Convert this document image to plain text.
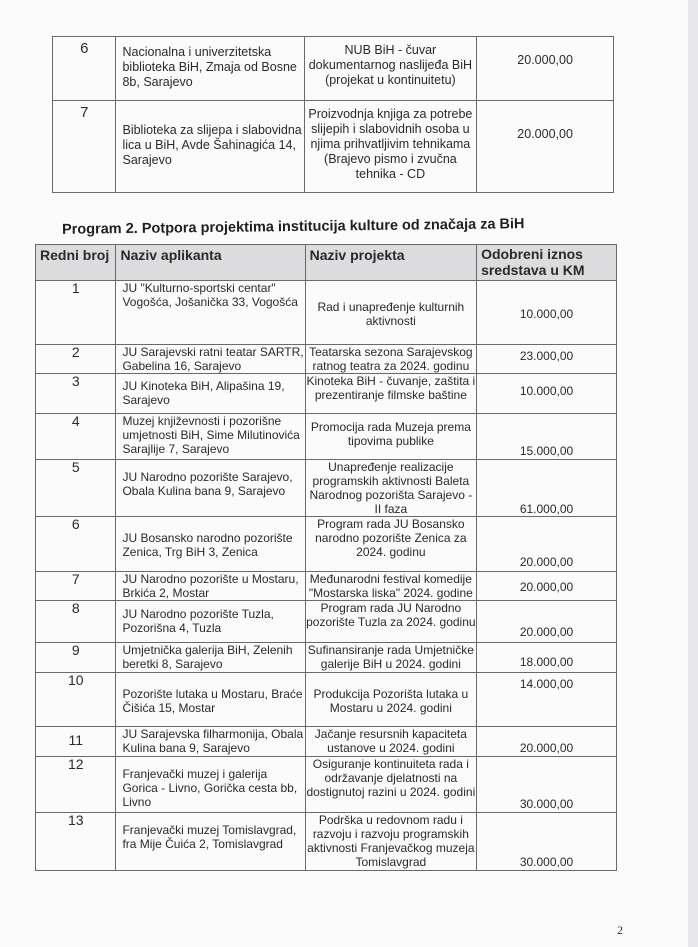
6	Nacionalna i univerzitetska biblioteka BiH, Zmaja od Bosne 8b, Sarajevo	NUB BiH - čuvar dokumentarnog naslijeđa BiH (projekat u kontinuitetu)	20.000,00
7	Biblioteka za slijepa i slabovidna lica u BiH, Avde Šahinagića 14, Sarajevo	Proizvodnja knjiga za potrebe slijepih i slabovidnih osoba u njima prihvatljivim tehnikama (Brajevo pismo i zvučna tehnika - CD	20.000,00
Program 2. Potpora projektima institucija kulture od značaja za BiH
Redni broj	Naziv aplikanta	Naziv projekta	Odobreni iznos sredstava u KM
1	JU "Kulturno-sportski centar" Vogošća, Jošanička 33, Vogošća	Rad i unapređenje kulturnih aktivnosti	10.000,00
2	JU Sarajevski ratni teatar SARTR, Gabelina 16, Sarajevo	Teatarska sezona Sarajevskog ratnog teatra za 2024. godinu	23.000,00
3	JU Kinoteka BiH, Alipašina 19, Sarajevo	Kinoteka BiH - čuvanje, zaštita i prezentiranje filmske baštine	10.000,00
4	Muzej književnosti i pozorišne umjetnosti BiH, Sime Milutinovića Sarajlije 7, Sarajevo	Promocija rada Muzeja prema tipovima publike	15.000,00
5	JU Narodno pozorište Sarajevo, Obala Kulina bana 9, Sarajevo	Unapređenje realizacije programskih aktivnosti Baleta Narodnog pozorišta Sarajevo - II faza	61.000,00
6	JU Bosansko narodno pozorište Zenica, Trg BiH 3, Zenica	Program rada JU Bosansko narodno pozorište Zenica za 2024. godinu	20.000,00
7	JU Narodno pozorište u Mostaru, Brkića 2, Mostar	Međunarodni festival komedije "Mostarska liska" 2024. godine	20.000,00
8	JU Narodno pozorište Tuzla, Pozorišna 4, Tuzla	Program rada JU Narodno pozorište Tuzla za 2024. godinu	20.000,00
9	Umjetnička galerija BiH, Zelenih beretki 8, Sarajevo	Sufinansiranje rada Umjetničke galerije BiH u 2024. godini	18.000,00
10	Pozorište lutaka u Mostaru, Braće Čišića 15, Mostar	Produkcija Pozorišta lutaka u Mostaru u 2024. godini	14.000,00
11	JU Sarajevska filharmonija, Obala Kulina bana 9, Sarajevo	Jačanje resursnih kapaciteta ustanove u 2024. godini	20.000,00
12	Franjevački muzej i galerija Gorica - Livno, Gorička cesta bb, Livno	Osiguranje kontinuiteta rada i održavanje djelatnosti na dostignutoj razini u 2024. godini	30.000,00
13	Franjevački muzej Tomislavgrad, fra Mije Čuića 2, Tomislavgrad	Podrška u redovnom radu i razvoju i razvoju programskih aktivnosti Franjevačkog muzeja Tomislavgrad	30.000,00
2
